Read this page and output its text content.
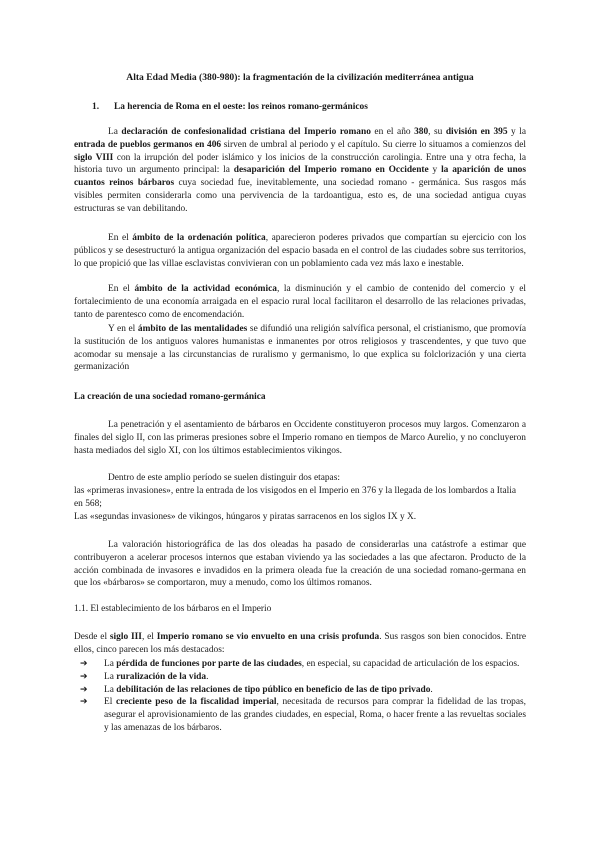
Alta Edad Media (380-980): la fragmentación de la civilización mediterránea antigua

1. La herencia de Roma en el oeste: los reinos romano-germánicos

La declaración de confesionalidad cristiana del Imperio romano en el año 380, su división en 395 y la entrada de pueblos germanos en 406 sirven de umbral al periodo y el capítulo. Su cierre lo situamos a comienzos del siglo VIII con la irrupción del poder islámico y los inicios de la construcción carolingia. Entre una y otra fecha, la historia tuvo un argumento principal: la desaparición del Imperio romano en Occidente y la aparición de unos cuantos reinos bárbaros cuya sociedad fue, inevitablemente, una sociedad romano - germánica. Sus rasgos más visibles permiten considerarla como una pervivencia de la tardoantigua, esto es, de una sociedad antigua cuyas estructuras se van debilitando.

En el ámbito de la ordenación política, aparecieron poderes privados que compartían su ejercicio con los públicos y se desestructuró la antigua organización del espacio basada en el control de las ciudades sobre sus territorios, lo que propició que las villae esclavistas convivieran con un poblamiento cada vez más laxo e inestable.

En el ámbito de la actividad económica, la disminución y el cambio de contenido del comercio y el fortalecimiento de una economía arraigada en el espacio rural local facilitaron el desarrollo de las relaciones privadas, tanto de parentesco como de encomendación.

Y en el ámbito de las mentalidades se difundió una religión salvífica personal, el cristianismo, que promovía la sustitución de los antiguos valores humanistas e inmanentes por otros religiosos y trascendentes, y que tuvo que acomodar su mensaje a las circunstancias de ruralismo y germanismo, lo que explica su folclorización y una cierta germanización

La creación de una sociedad romano-germánica

La penetración y el asentamiento de bárbaros en Occidente constituyeron procesos muy largos. Comenzaron a finales del siglo II, con las primeras presiones sobre el Imperio romano en tiempos de Marco Aurelio, y no concluyeron hasta mediados del siglo XI, con los últimos establecimientos vikingos.

Dentro de este amplio período se suelen distinguir dos etapas:

las «primeras invasiones», entre la entrada de los visigodos en el Imperio en 376 y la llegada de los lombardos a Italia en 568;

Las «segundas invasiones» de vikingos, húngaros y piratas sarracenos en los siglos IX y X.

La valoración historiográfica de las dos oleadas ha pasado de considerarlas una catástrofe a estimar que contribuyeron a acelerar procesos internos que estaban viviendo ya las sociedades a las que afectaron. Producto de la acción combinada de invasores e invadidos en la primera oleada fue la creación de una sociedad romano-germana en que los «bárbaros» se comportaron, muy a menudo, como los últimos romanos.

1.1. El establecimiento de los bárbaros en el Imperio

Desde el siglo III, el Imperio romano se vio envuelto en una crisis profunda. Sus rasgos son bien conocidos. Entre ellos, cinco parecen los más destacados:

➔ La pérdida de funciones por parte de las ciudades, en especial, su capacidad de articulación de los espacios.
➔ La ruralización de la vida.
➔ La debilitación de las relaciones de tipo público en beneficio de las de tipo privado.
➔ El creciente peso de la fiscalidad imperial, necesitada de recursos para comprar la fidelidad de las tropas, asegurar el aprovisionamiento de las grandes ciudades, en especial, Roma, o hacer frente a las revueltas sociales y las amenazas de los bárbaros.
